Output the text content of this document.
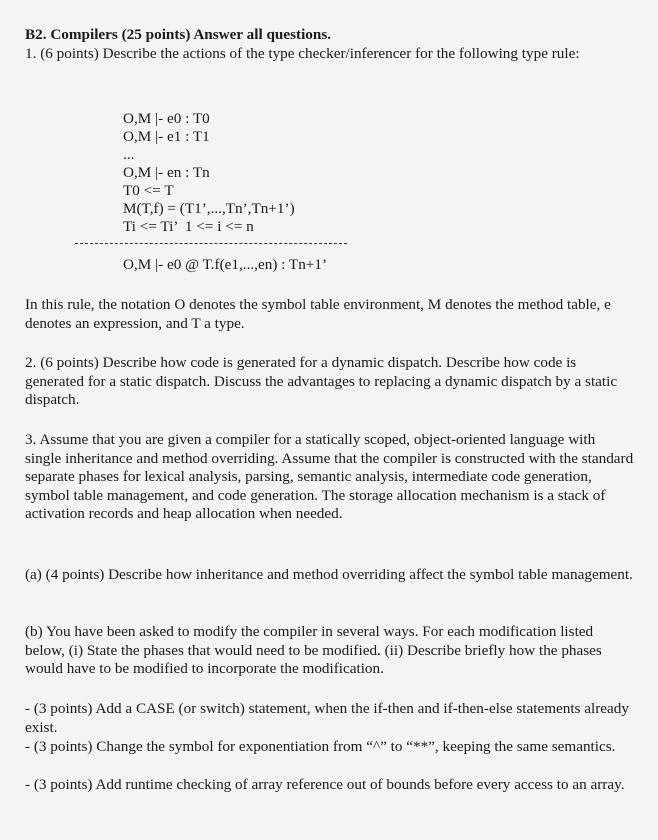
B2. Compilers (25 points) Answer all questions.

1. (6 points) Describe the actions of the type checker/inferencer for the following type rule:

O,M |- e0 : T0
O,M |- e1 : T1
...
O,M |- en : Tn
T0 <= T
M(T,f) = (T1’,...,Tn’,Tn+1’)
Ti <= Ti’  1 <= i <= n
O,M |- e0 @ T.f(e1,...,en) : Tn+1’

In this rule, the notation O denotes the symbol table environment, M denotes the method table, e denotes an expression, and T a type.

2. (6 points) Describe how code is generated for a dynamic dispatch. Describe how code is generated for a static dispatch. Discuss the advantages to replacing a dynamic dispatch by a static dispatch.

3. Assume that you are given a compiler for a statically scoped, object-oriented language with single inheritance and method overriding. Assume that the compiler is constructed with the standard separate phases for lexical analysis, parsing, semantic analysis, intermediate code generation, symbol table management, and code generation. The storage allocation mechanism is a stack of activation records and heap allocation when needed.

(a) (4 points) Describe how inheritance and method overriding affect the symbol table management.

(b) You have been asked to modify the compiler in several ways. For each modification listed below, (i) State the phases that would need to be modified. (ii) Describe briefly how the phases would have to be modified to incorporate the modification.

- (3 points) Add a CASE (or switch) statement, when the if-then and if-then-else statements already exist.

- (3 points) Change the symbol for exponentiation from “^” to “**”, keeping the same semantics.

- (3 points) Add runtime checking of array reference out of bounds before every access to an array.
